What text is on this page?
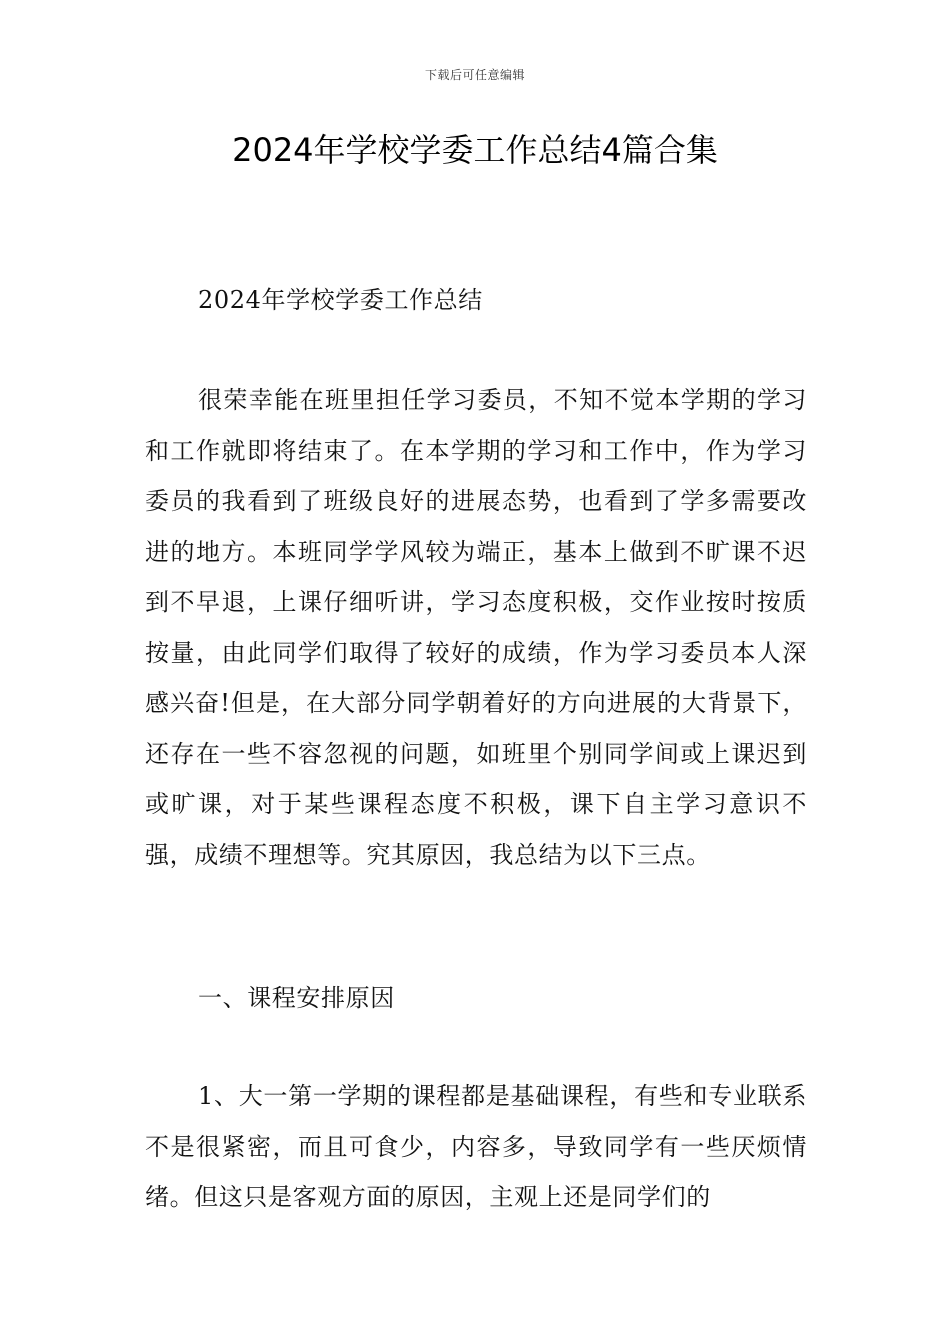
下载后可任意编辑
2024年学校学委工作总结4篇合集

2024年学校学委工作总结

很荣幸能在班里担任学习委员，不知不觉本学期的学习和工作就即将结束了。在本学期的学习和工作中，作为学习委员的我看到了班级良好的进展态势，也看到了学多需要改进的地方。本班同学学风较为端正，基本上做到不旷课不迟到不早退，上课仔细听讲，学习态度积极，交作业按时按质按量，由此同学们取得了较好的成绩，作为学习委员本人深感兴奋!但是，在大部分同学朝着好的方向进展的大背景下，还存在一些不容忽视的问题，如班里个别同学间或上课迟到或旷课，对于某些课程态度不积极，课下自主学习意识不强，成绩不理想等。究其原因，我总结为以下三点。

一、课程安排原因

1、大一第一学期的课程都是基础课程，有些和专业联系不是很紧密，而且可食少，内容多，导致同学有一些厌烦情绪。但这只是客观方面的原因，主观上还是同学们的
